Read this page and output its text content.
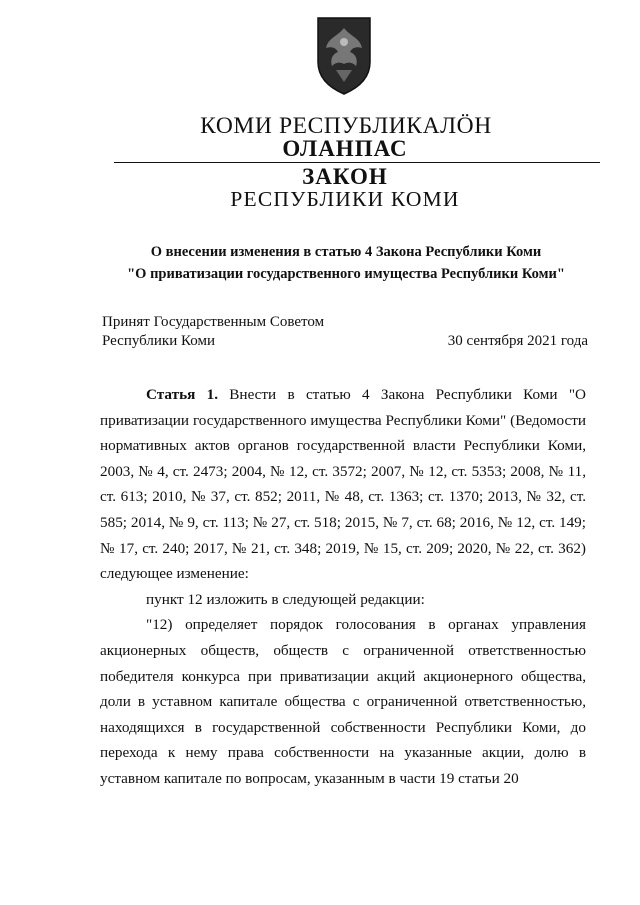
КОМИ РЕСПУБЛИКАЛӦН
ОЛАНПАС
ЗАКОН
РЕСПУБЛИКИ КОМИ
О внесении изменения в статью 4 Закона Республики Коми
"О приватизации государственного имущества Республики Коми"
Принят Государственным Советом
Республики Коми	30 сентября 2021 года

Статья 1. Внести в статью 4 Закона Республики Коми "О приватизации государственного имущества Республики Коми" (Ведомости нормативных актов органов государственной власти Республики Коми, 2003, № 4, ст. 2473; 2004, № 12, ст. 3572; 2007, № 12, ст. 5353; 2008, № 11, ст. 613; 2010, № 37, ст. 852; 2011, № 48, ст. 1363; ст. 1370; 2013, № 32, ст. 585; 2014, № 9, ст. 113; № 27, ст. 518; 2015, № 7, ст. 68; 2016, № 12, ст. 149; № 17, ст. 240; 2017, № 21, ст. 348; 2019, № 15, ст. 209; 2020, № 22, ст. 362) следующее изменение:

пункт 12 изложить в следующей редакции:

"12) определяет порядок голосования в органах управления акционерных обществ, обществ с ограниченной ответственностью победителя конкурса при приватизации акций акционерного общества, доли в уставном капитале общества с ограниченной ответственностью, находящихся в государственной собственности Республики Коми, до перехода к нему права собственности на указанные акции, долю в уставном капитале по вопросам, указанным в части 19 статьи 20
